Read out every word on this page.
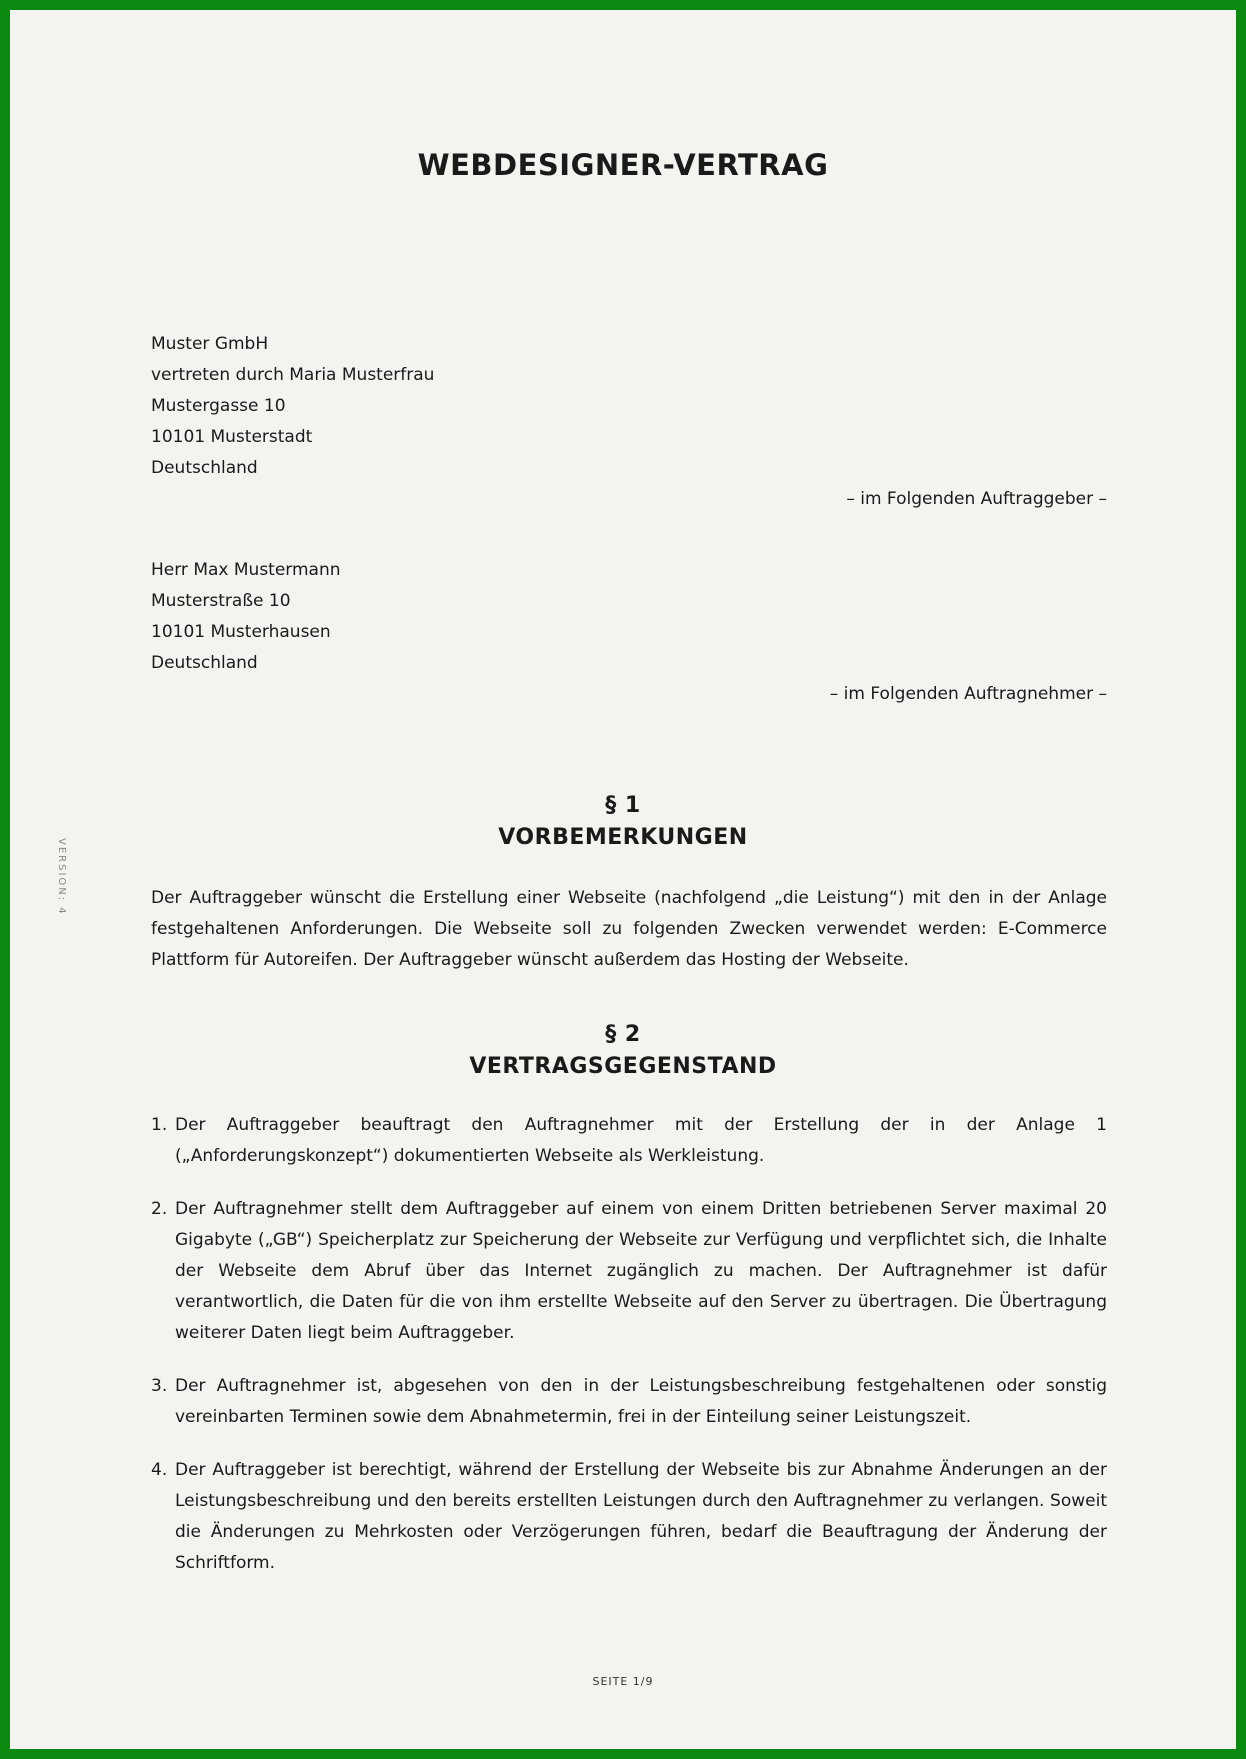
WEBDESIGNER-VERTRAG
Muster GmbH
vertreten durch Maria Musterfrau
Mustergasse 10
10101 Musterstadt
Deutschland
– im Folgenden Auftraggeber –
Herr Max Mustermann
Musterstraße 10
10101 Musterhausen
Deutschland
– im Folgenden Auftragnehmer –
VERSION: 4
§ 1
VORBEMERKUNGEN
Der Auftraggeber wünscht die Erstellung einer Webseite (nachfolgend „die Leistung“) mit den in der Anlage festgehaltenen Anforderungen. Die Webseite soll zu folgenden Zwecken verwendet werden: E-Commerce Plattform für Autoreifen. Der Auftraggeber wünscht außerdem das Hosting der Webseite.
§ 2
VERTRAGSGEGENSTAND
1. Der Auftraggeber beauftragt den Auftragnehmer mit der Erstellung der in der Anlage 1 („Anforderungskonzept“) dokumentierten Webseite als Werkleistung.
2. Der Auftragnehmer stellt dem Auftraggeber auf einem von einem Dritten betriebenen Server maximal 20 Gigabyte („GB“) Speicherplatz zur Speicherung der Webseite zur Verfügung und verpflichtet sich, die Inhalte der Webseite dem Abruf über das Internet zugänglich zu machen. Der Auftragnehmer ist dafür verantwortlich, die Daten für die von ihm erstellte Webseite auf den Server zu übertragen. Die Übertragung weiterer Daten liegt beim Auftraggeber.
3. Der Auftragnehmer ist, abgesehen von den in der Leistungsbeschreibung festgehaltenen oder sonstig vereinbarten Terminen sowie dem Abnahmetermin, frei in der Einteilung seiner Leistungszeit.
4. Der Auftraggeber ist berechtigt, während der Erstellung der Webseite bis zur Abnahme Änderungen an der Leistungsbeschreibung und den bereits erstellten Leistungen durch den Auftragnehmer zu verlangen. Soweit die Änderungen zu Mehrkosten oder Verzögerungen führen, bedarf die Beauftragung der Änderung der Schriftform.
SEITE 1/9
